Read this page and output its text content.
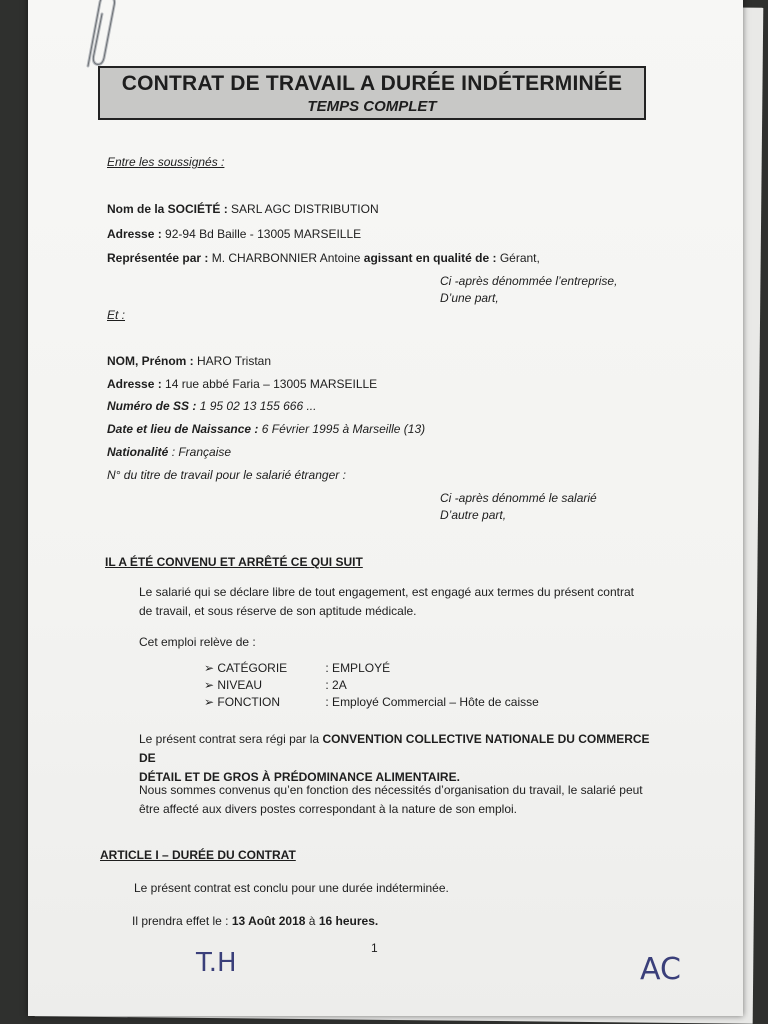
CONTRAT DE TRAVAIL A DURÉE INDÉTERMINÉE
TEMPS COMPLET
Entre les soussignés :
Nom de la SOCIÉTÉ : SARL AGC DISTRIBUTION
Adresse : 92-94 Bd Baille - 13005 MARSEILLE
Représentée par : M. CHARBONNIER Antoine agissant en qualité de : Gérant,
Ci -après dénommée l’entreprise,
D’une part,
Et :
NOM, Prénom : HARO Tristan
Adresse : 14 rue abbé Faria – 13005 MARSEILLE
Numéro de SS : 1 95 02 13 155 666 ...
Date et lieu de Naissance : 6 Février 1995 à Marseille (13)
Nationalité : Française
N° du titre de travail pour le salarié étranger :
Ci -après dénommé le salarié
D’autre part,
IL A ÉTÉ CONVENU ET ARRÊTÉ CE QUI SUIT
Le salarié qui se déclare libre de tout engagement, est engagé aux termes du présent contrat
de travail, et sous réserve de son aptitude médicale.
Cet emploi relève de :
➢ CATÉGORIE	: EMPLOYÉ
➢ NIVEAU	: 2A
➢ FONCTION	: Employé Commercial – Hôte de caisse
Le présent contrat sera régi par la CONVENTION COLLECTIVE NATIONALE DU COMMERCE DE
DÉTAIL ET DE GROS À PRÉDOMINANCE ALIMENTAIRE.
Nous sommes convenus qu’en fonction des nécessités d’organisation du travail, le salarié peut
être affecté aux divers postes correspondant à la nature de son emploi.
ARTICLE I – DURÉE DU CONTRAT
Le présent contrat est conclu pour une durée indéterminée.
Il prendra effet le : 13 Août 2018 à 16 heures.
1
T.H	AC
